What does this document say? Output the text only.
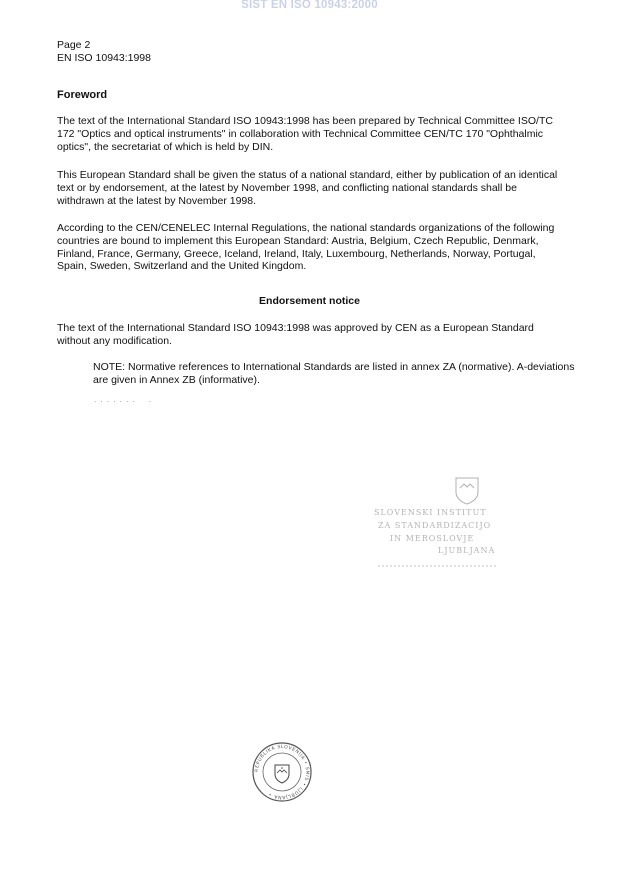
SIST EN ISO 10943:2000
Page 2
EN ISO 10943:1998
Foreword
The text of the International Standard ISO 10943:1998 has been prepared by Technical Committee ISO/TC 172 "Optics and optical instruments" in collaboration with Technical Committee CEN/TC 170 "Ophthalmic optics", the secretariat of which is held by DIN.
This European Standard shall be given the status of a national standard, either by publication of an identical text or by endorsement, at the latest by November 1998, and conflicting national standards shall be withdrawn at the latest by November 1998.
According to the CEN/CENELEC Internal Regulations, the national standards organizations of the following countries are bound to implement this European Standard: Austria, Belgium, Czech Republic, Denmark, Finland, France, Germany, Greece, Iceland, Ireland, Italy, Luxembourg, Netherlands, Norway, Portugal, Spain, Sweden, Switzerland and the United Kingdom.
Endorsement notice
The text of the International Standard ISO 10943:1998 was approved by CEN as a European Standard without any modification.
NOTE: Normative references to International Standards are listed in annex ZA (normative). A-deviations are given in Annex ZB (informative).
. . . . . . .    .
SLOVENSKI INŠTITUT
ZA STANDARDIZACIJO
IN MEROSLOVJE
LJUBLJANA
REPUBLIKA SLOVENIJA • SMIS • LJUBLJANA •
